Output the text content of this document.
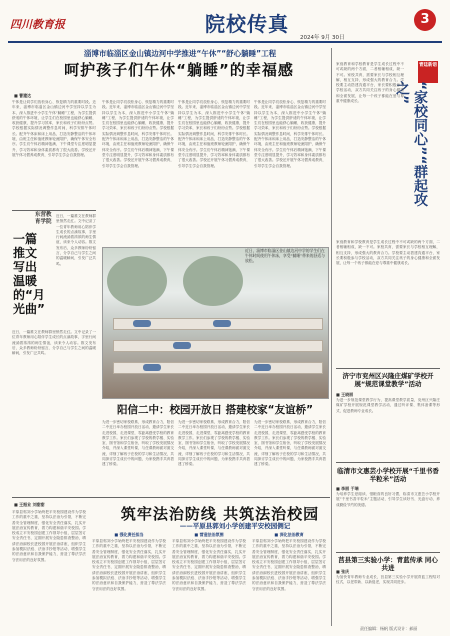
四川教育报	院校传真	3
2024年 9月 30日
淄博市临淄区金山镇边河中学推进“午休”“舒心躺睡”工程
呵护孩子们午休“躺睡”的幸福感
■ 曹建达
午休是让同学们放松身心、恢复精力的重要时段。近年来，淄博市临淄区金山镇边河中学坚持以学生为本，深入推进中小学生午休“躺睡”工程，为学生提供舒适的午休环境，让学生们在校园里也能舒心躺睡，收获健康，提升学习效率，家长和孩子们纷纷点赞。学校根据实际情况调整作息时间，科学安排午休时长。配齐午休床和床上用品，打造安静整洁的午休环境，由班主任和值班教师轮流陪护，确保午休安全有序。学生们午休后精神饱满，下午课堂专注度明显提升，学习效率和身体素质都有了很大改善。学校还开展午休习惯养成教育，引导学生学会自我管理。
午休是让同学们放松身心、恢复精力的重要时段。近年来，淄博市临淄区金山镇边河中学坚持以学生为本，深入推进中小学生午休“躺睡”工程，为学生提供舒适的午休环境，让学生们在校园里也能舒心躺睡，收获健康，提升学习效率，家长和孩子们纷纷点赞。学校根据实际情况调整作息时间，科学安排午休时长。配齐午休床和床上用品，打造安静整洁的午休环境，由班主任和值班教师轮流陪护，确保午休安全有序。学生们午休后精神饱满，下午课堂专注度明显提升，学习效率和身体素质都有了很大改善。学校还开展午休习惯养成教育，引导学生学会自我管理。
午休是让同学们放松身心、恢复精力的重要时段。近年来，淄博市临淄区金山镇边河中学坚持以学生为本，深入推进中小学生午休“躺睡”工程，为学生提供舒适的午休环境，让学生们在校园里也能舒心躺睡，收获健康，提升学习效率，家长和孩子们纷纷点赞。学校根据实际情况调整作息时间，科学安排午休时长。配齐午休床和床上用品，打造安静整洁的午休环境，由班主任和值班教师轮流陪护，确保午休安全有序。学生们午休后精神饱满，下午课堂专注度明显提升，学习效率和身体素质都有了很大改善。学校还开展午休习惯养成教育，引导学生学会自我管理。
午休是让同学们放松身心、恢复精力的重要时段。近年来，淄博市临淄区金山镇边河中学坚持以学生为本，深入推进中小学生午休“躺睡”工程，为学生提供舒适的午休环境，让学生们在校园里也能舒心躺睡，收获健康，提升学习效率，家长和孩子们纷纷点赞。学校根据实际情况调整作息时间，科学安排午休时长。配齐午休床和床上用品，打造安静整洁的午休环境，由班主任和值班教师轮流陪护，确保午休安全有序。学生们午休后精神饱满，下午课堂专注度明显提升，学习效率和身体素质都有了很大改善。学校还开展午休习惯养成教育，引导学生学会自我管理。
东营教育学院
一篇推文写出温暖的“月光曲”
近日，一篇推文在教师群里悄然走红。文中记录了一位青年教师用心陪伴学生成长的点滴故事，字里行间流淌着浓浓的师生情谊，读来令人动容。推文发布后，众多教师纷纷留言，分享自己与学生之间的温暖瞬间，引发广泛共鸣。
近日，一篇推文在教师群里悄然走红。文中记录了一位青年教师用心陪伴学生成长的点滴故事，字里行间流淌着浓浓的师生情谊，读来令人动容。推文发布后，众多教师纷纷留言，分享自己与学生之间的温暖瞬间，引发广泛共鸣。
近日，淄博市临淄区金山镇边河中学的学生们在午休时间使用午休床，享受“躺睡”带来的舒适与放松。
阳信二中：校园开放日 搭建校家“友谊桥”
为进一步密切家校联系，形成教育合力，阳信二中近日举办校园开放日活动，邀请学生家长走进校园，走进课堂，零距离感受学校的教育教学工作。家长们参观了学校的教学楼、实验室、图书馆和学生宿舍，听取了学校发展情况介绍，并深入课堂听课，与任课教师面对面交流，详细了解孩子在校的学习和生活情况，共同探讨学生成长中的问题，为家校携手共育搭建了桥梁。
为进一步密切家校联系，形成教育合力，阳信二中近日举办校园开放日活动，邀请学生家长走进校园，走进课堂，零距离感受学校的教育教学工作。家长们参观了学校的教学楼、实验室、图书馆和学生宿舍，听取了学校发展情况介绍，并深入课堂听课，与任课教师面对面交流，详细了解孩子在校的学习和生活情况，共同探讨学生成长中的问题，为家校携手共育搭建了桥梁。
为进一步密切家校联系，形成教育合力，阳信二中近日举办校园开放日活动，邀请学生家长走进校园，走进课堂，零距离感受学校的教育教学工作。家长们参观了学校的教学楼、实验室、图书馆和学生宿舍，听取了学校发展情况介绍，并深入课堂听课，与任课教师面对面交流，详细了解孩子在校的学习和生活情况，共同探讨学生成长中的问题，为家校携手共育搭建了桥梁。
青廷新语
“家校同心”“群起攻之”
家庭教育和学校教育是学生成长过程中不可或缺的两个方面，二者相辅相成，缺一不可。家校共育，需要家长与学校相互理解，相互支持，形成强大的教育合力。学校要主动搭建沟通平台，家长要积极参与学校活动，双方共同关注孩子的身心健康和全面发展，让每一个孩子都能在爱与尊重中健康成长。
家庭教育和学校教育是学生成长过程中不可或缺的两个方面，二者相辅相成，缺一不可。家校共育，需要家长与学校相互理解，相互支持，形成强大的教育合力。学校要主动搭建沟通平台，家长要积极参与学校活动，双方共同关注孩子的身心健康和全面发展，让每一个孩子都能在爱与尊重中健康成长。
济宁市兖州区兴隆庄煤矿学校开展“规范课堂教学”活动
■ 王晓丽
为进一步规范课堂教学行为，提高课堂教学质量，兖州区兴隆庄煤矿学校开展规范课堂教学活动，通过听评课、集体备课等形式，促进教师专业成长。
临清市文惠芸小学校开展“千里书香半粒米”活动
■ 李丽 于瑞
为培养学生爱阅读、惜粮食的良好习惯，临清市文惠芸小学校开展“千里书香半粒米”主题活动，引导学生读好书、光盘行动，养成勤俭节约的美德。
莒县第三实验小学：青蓝传承 同心共进
■ 张庆
为加快青年教师专业成长，莒县第三实验小学开展青蓝工程结对仪式，以老带新、以新促老，实现共同进步。
■ 王振业 刘甜甜
筑牢法治防线 共筑法治校园
——平原县郭刘小学创建平安校园侧记
平原县郭刘小学始终把平安校园建设作为学校工作的重中之重，坚持以法治为引领，不断完善安全管理制度，强化安全责任落实，扎实开展法治宣传教育，着力构建和谐平安校园。学校成立平安校园创建工作领导小组，层层签订安全责任书，定期开展安全隐患排查整治，聘请法治副校长进校园开展法治讲座，组织学生参加模拟法庭、法治手抄报等活动，增强学生的法治意识和自我保护能力，营造了尊法学法守法用法的良好氛围。
■ 强化责任担当
平原县郭刘小学始终把平安校园建设作为学校工作的重中之重，坚持以法治为引领，不断完善安全管理制度，强化安全责任落实，扎实开展法治宣传教育，着力构建和谐平安校园。学校成立平安校园创建工作领导小组，层层签订安全责任书，定期开展安全隐患排查整治，聘请法治副校长进校园开展法治讲座，组织学生参加模拟法庭、法治手抄报等活动，增强学生的法治意识和自我保护能力，营造了尊法学法守法用法的良好氛围。
■ 营造法治氛围
平原县郭刘小学始终把平安校园建设作为学校工作的重中之重，坚持以法治为引领，不断完善安全管理制度，强化安全责任落实，扎实开展法治宣传教育，着力构建和谐平安校园。学校成立平安校园创建工作领导小组，层层签订安全责任书，定期开展安全隐患排查整治，聘请法治副校长进校园开展法治讲座，组织学生参加模拟法庭、法治手抄报等活动，增强学生的法治意识和自我保护能力，营造了尊法学法守法用法的良好氛围。
■ 深化法治教育
平原县郭刘小学始终把平安校园建设作为学校工作的重中之重，坚持以法治为引领，不断完善安全管理制度，强化安全责任落实，扎实开展法治宣传教育，着力构建和谐平安校园。学校成立平安校园创建工作领导小组，层层签订安全责任书，定期开展安全隐患排查整治，聘请法治副校长进校园开展法治讲座，组织学生参加模拟法庭、法治手抄报等活动，增强学生的法治意识和自我保护能力，营造了尊法学法守法用法的良好氛围。
责任编辑：杨帆 版式设计：郝丽
